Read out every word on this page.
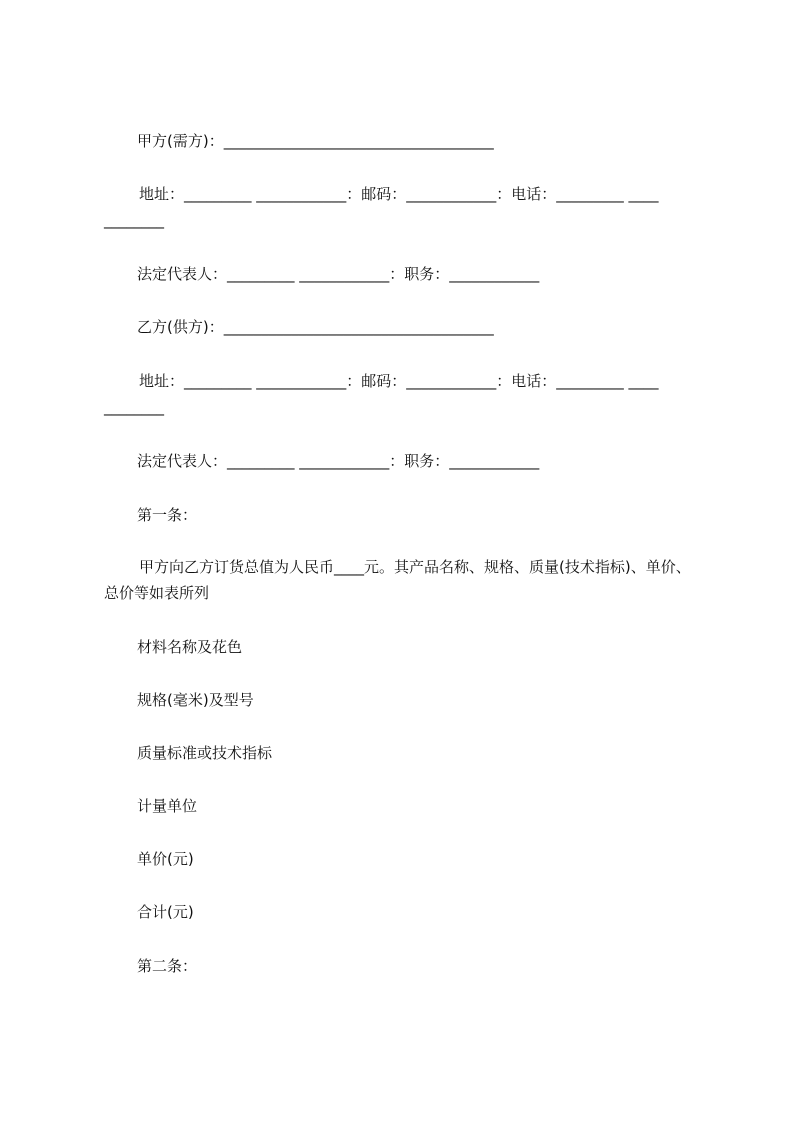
甲方(需方)：____________________________________
地址：_________ ____________：邮码：____________：电话：_________ ____ ________
法定代表人：_________ ____________：职务：____________
乙方(供方)：____________________________________
地址：_________ ____________：邮码：____________：电话：_________ ____ ________
法定代表人：_________ ____________：职务：____________
第一条：
甲方向乙方订货总值为人民币____元。其产品名称、规格、质量(技术指标)、单价、总价等如表所列
材料名称及花色
规格(毫米)及型号
质量标准或技术指标
计量单位
单价(元)
合计(元)
第二条：
